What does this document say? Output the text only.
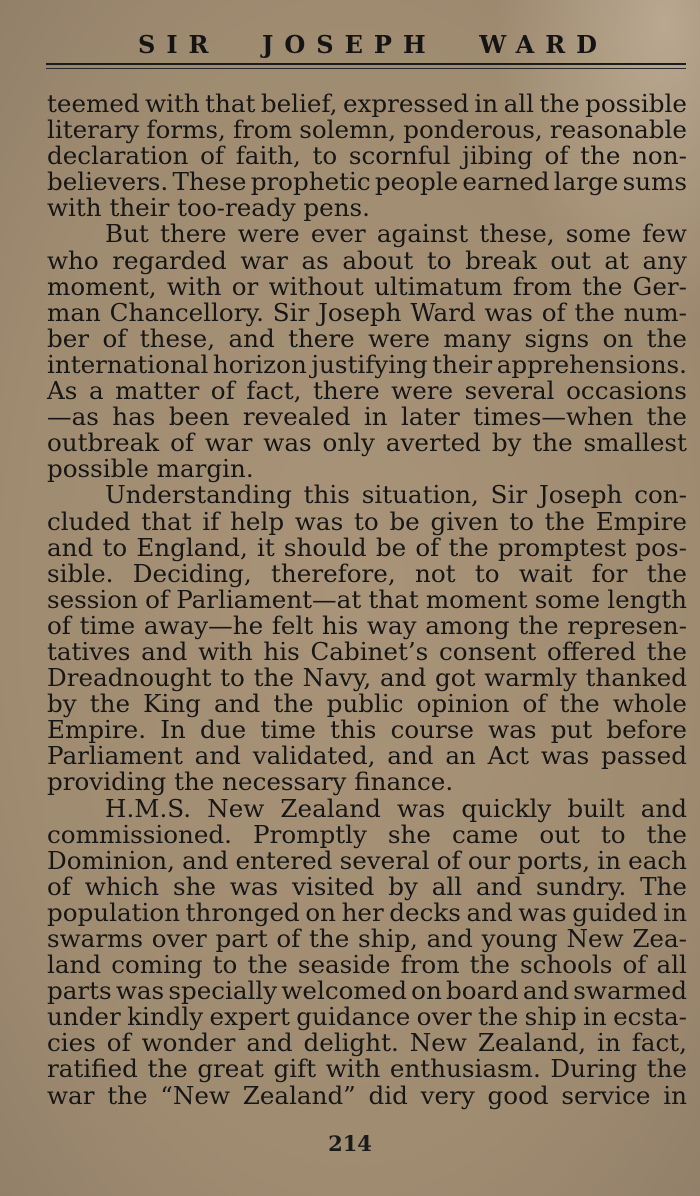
SIR JOSEPH WARD
teemed with that belief, expressed in all the possible
literary forms, from solemn, ponderous, reasonable
declaration of faith, to scornful jibing of the non-
believers. These prophetic people earned large sums
with their too-ready pens.
But there were ever against these, some few
who regarded war as about to break out at any
moment, with or without ultimatum from the Ger-
man Chancellory. Sir Joseph Ward was of the num-
ber of these, and there were many signs on the
international horizon justifying their apprehensions.
As a matter of fact, there were several occasions
—as has been revealed in later times—when the
outbreak of war was only averted by the smallest
possible margin.
Understanding this situation, Sir Joseph con-
cluded that if help was to be given to the Empire
and to England, it should be of the promptest pos-
sible. Deciding, therefore, not to wait for the
session of Parliament—at that moment some length
of time away—he felt his way among the represen-
tatives and with his Cabinet’s consent offered the
Dreadnought to the Navy, and got warmly thanked
by the King and the public opinion of the whole
Empire. In due time this course was put before
Parliament and validated, and an Act was passed
providing the necessary finance.
H.M.S. New Zealand was quickly built and
commissioned. Promptly she came out to the
Dominion, and entered several of our ports, in each
of which she was visited by all and sundry. The
population thronged on her decks and was guided in
swarms over part of the ship, and young New Zea-
land coming to the seaside from the schools of all
parts was specially welcomed on board and swarmed
under kindly expert guidance over the ship in ecsta-
cies of wonder and delight. New Zealand, in fact,
ratified the great gift with enthusiasm. During the
war the “New Zealand” did very good service in
214
